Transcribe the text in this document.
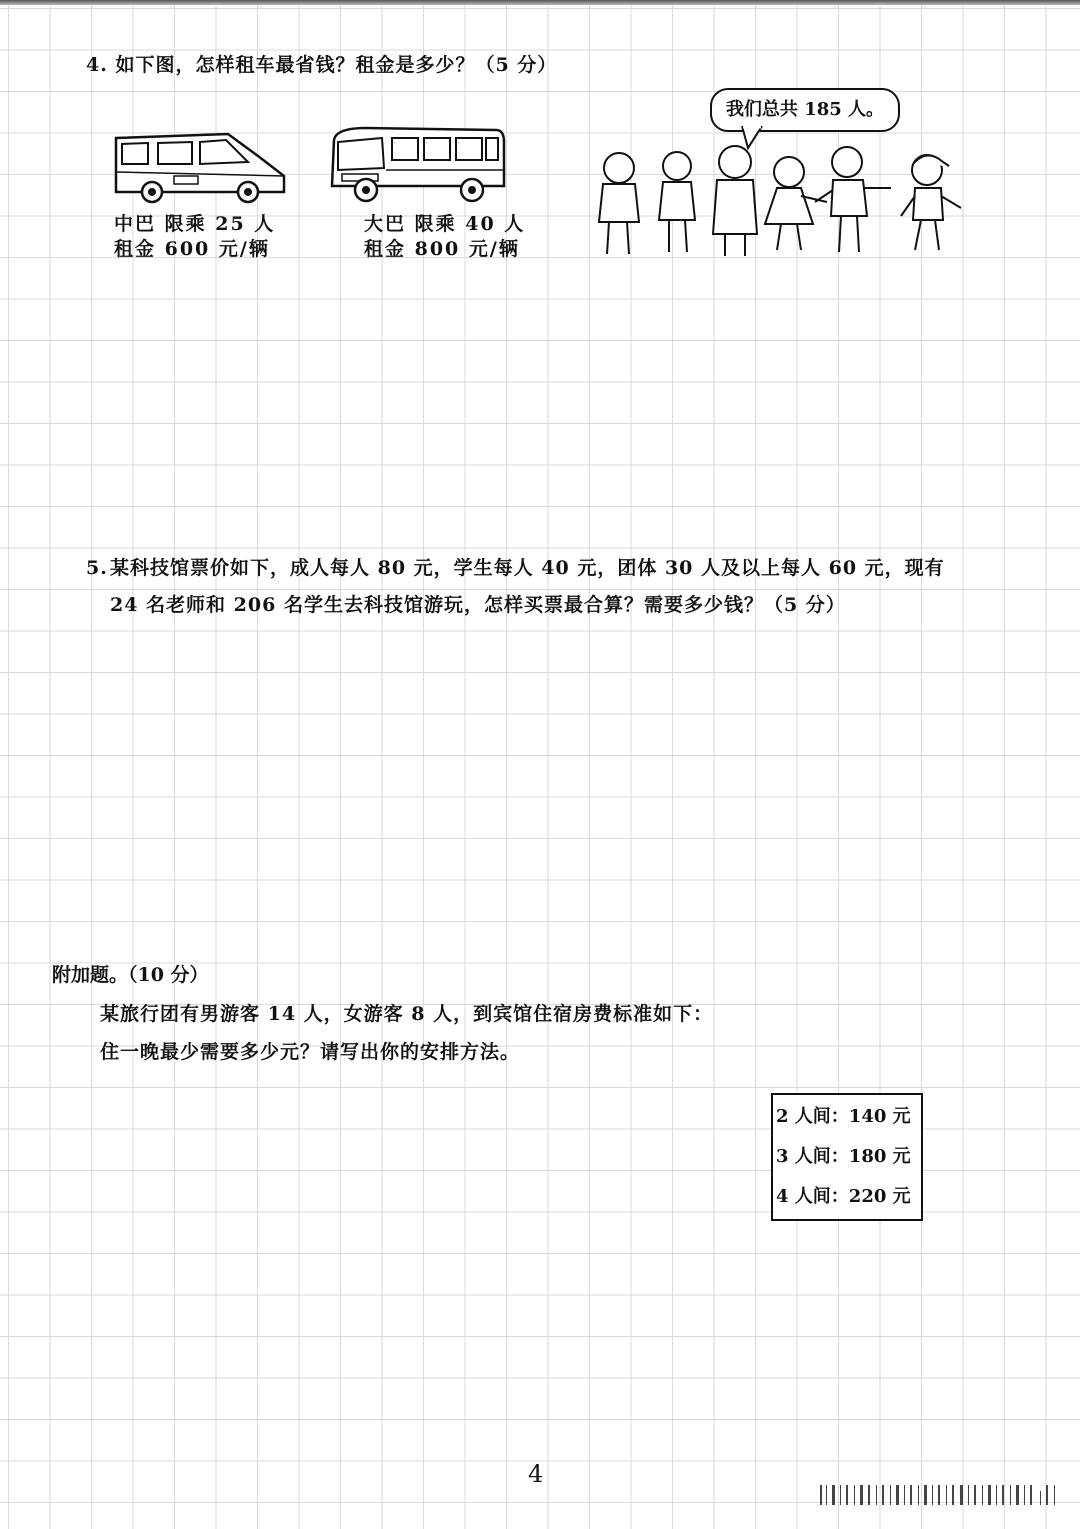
4. 如下图，怎样租车最省钱？租金是多少？（5 分）
中巴 限乘 25 人
租金 600 元/辆
大巴 限乘 40 人
租金 800 元/辆
我们总共 185 人。
5. 某科技馆票价如下，成人每人 80 元，学生每人 40 元，团体 30 人及以上每人 60 元，现有
24 名老师和 206 名学生去科技馆游玩，怎样买票最合算？需要多少钱？（5 分）
附加题。（10 分）
某旅行团有男游客 14 人，女游客 8 人，到宾馆住宿房费标准如下：
住一晚最少需要多少元？请写出你的安排方法。
2 人间：140 元
3 人间：180 元
4 人间：220 元
4
